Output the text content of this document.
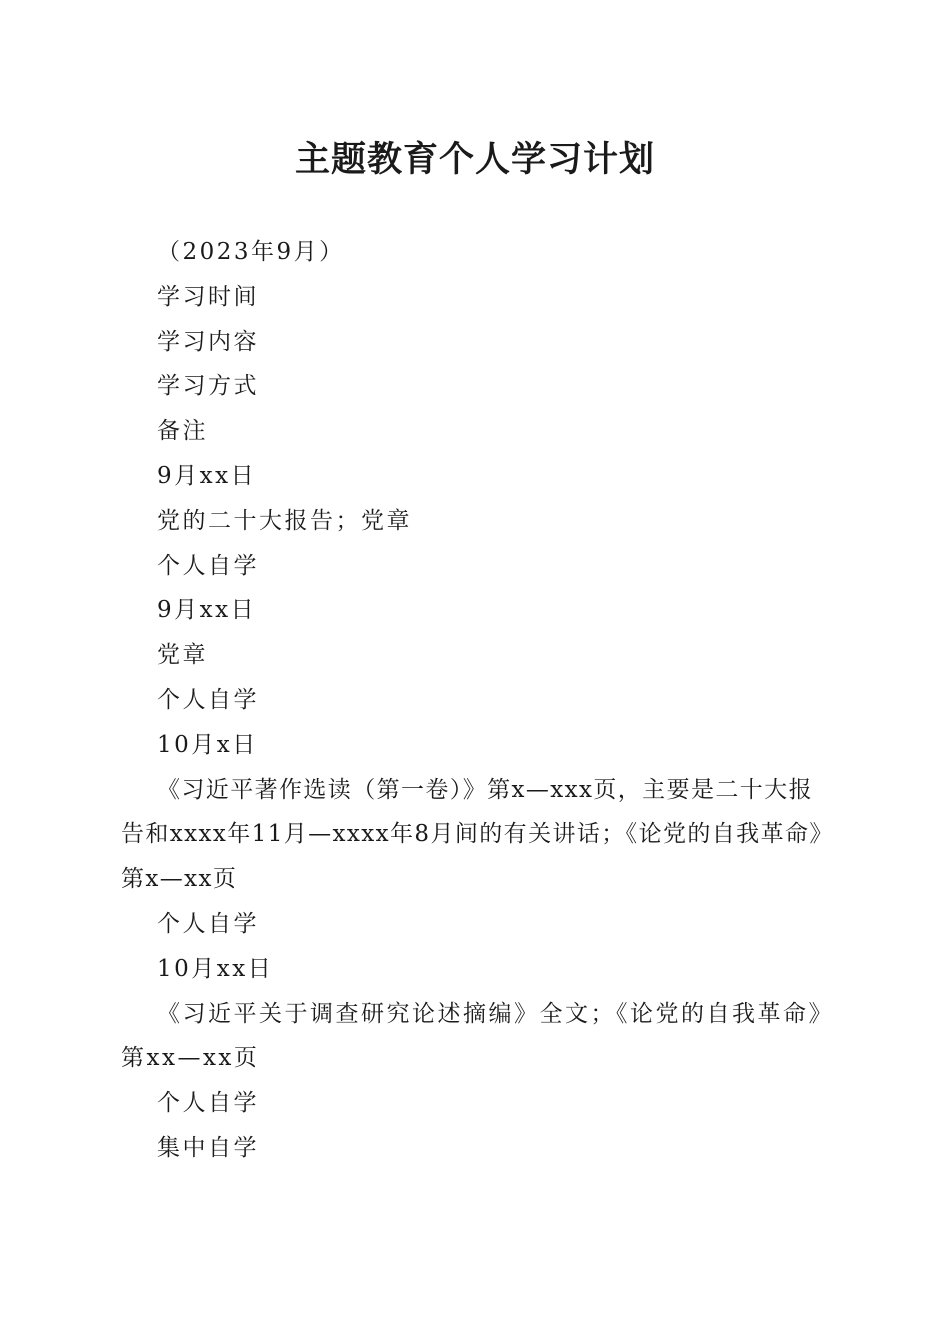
主题教育个人学习计划

（2023年9月）

学习时间

学习内容

学习方式

备注

9月xx日

党的二十大报告；党章

个人自学

9月xx日

党章

个人自学

10月x日

《习近平著作选读（第一卷）》第x—xxx页，主要是二十大报告和xxxx年11月—xxxx年8月间的有关讲话；《论党的自我革命》第x—xx页

个人自学

10月xx日

《习近平关于调查研究论述摘编》全文；《论党的自我革命》第xx—xx页

个人自学

集中自学
